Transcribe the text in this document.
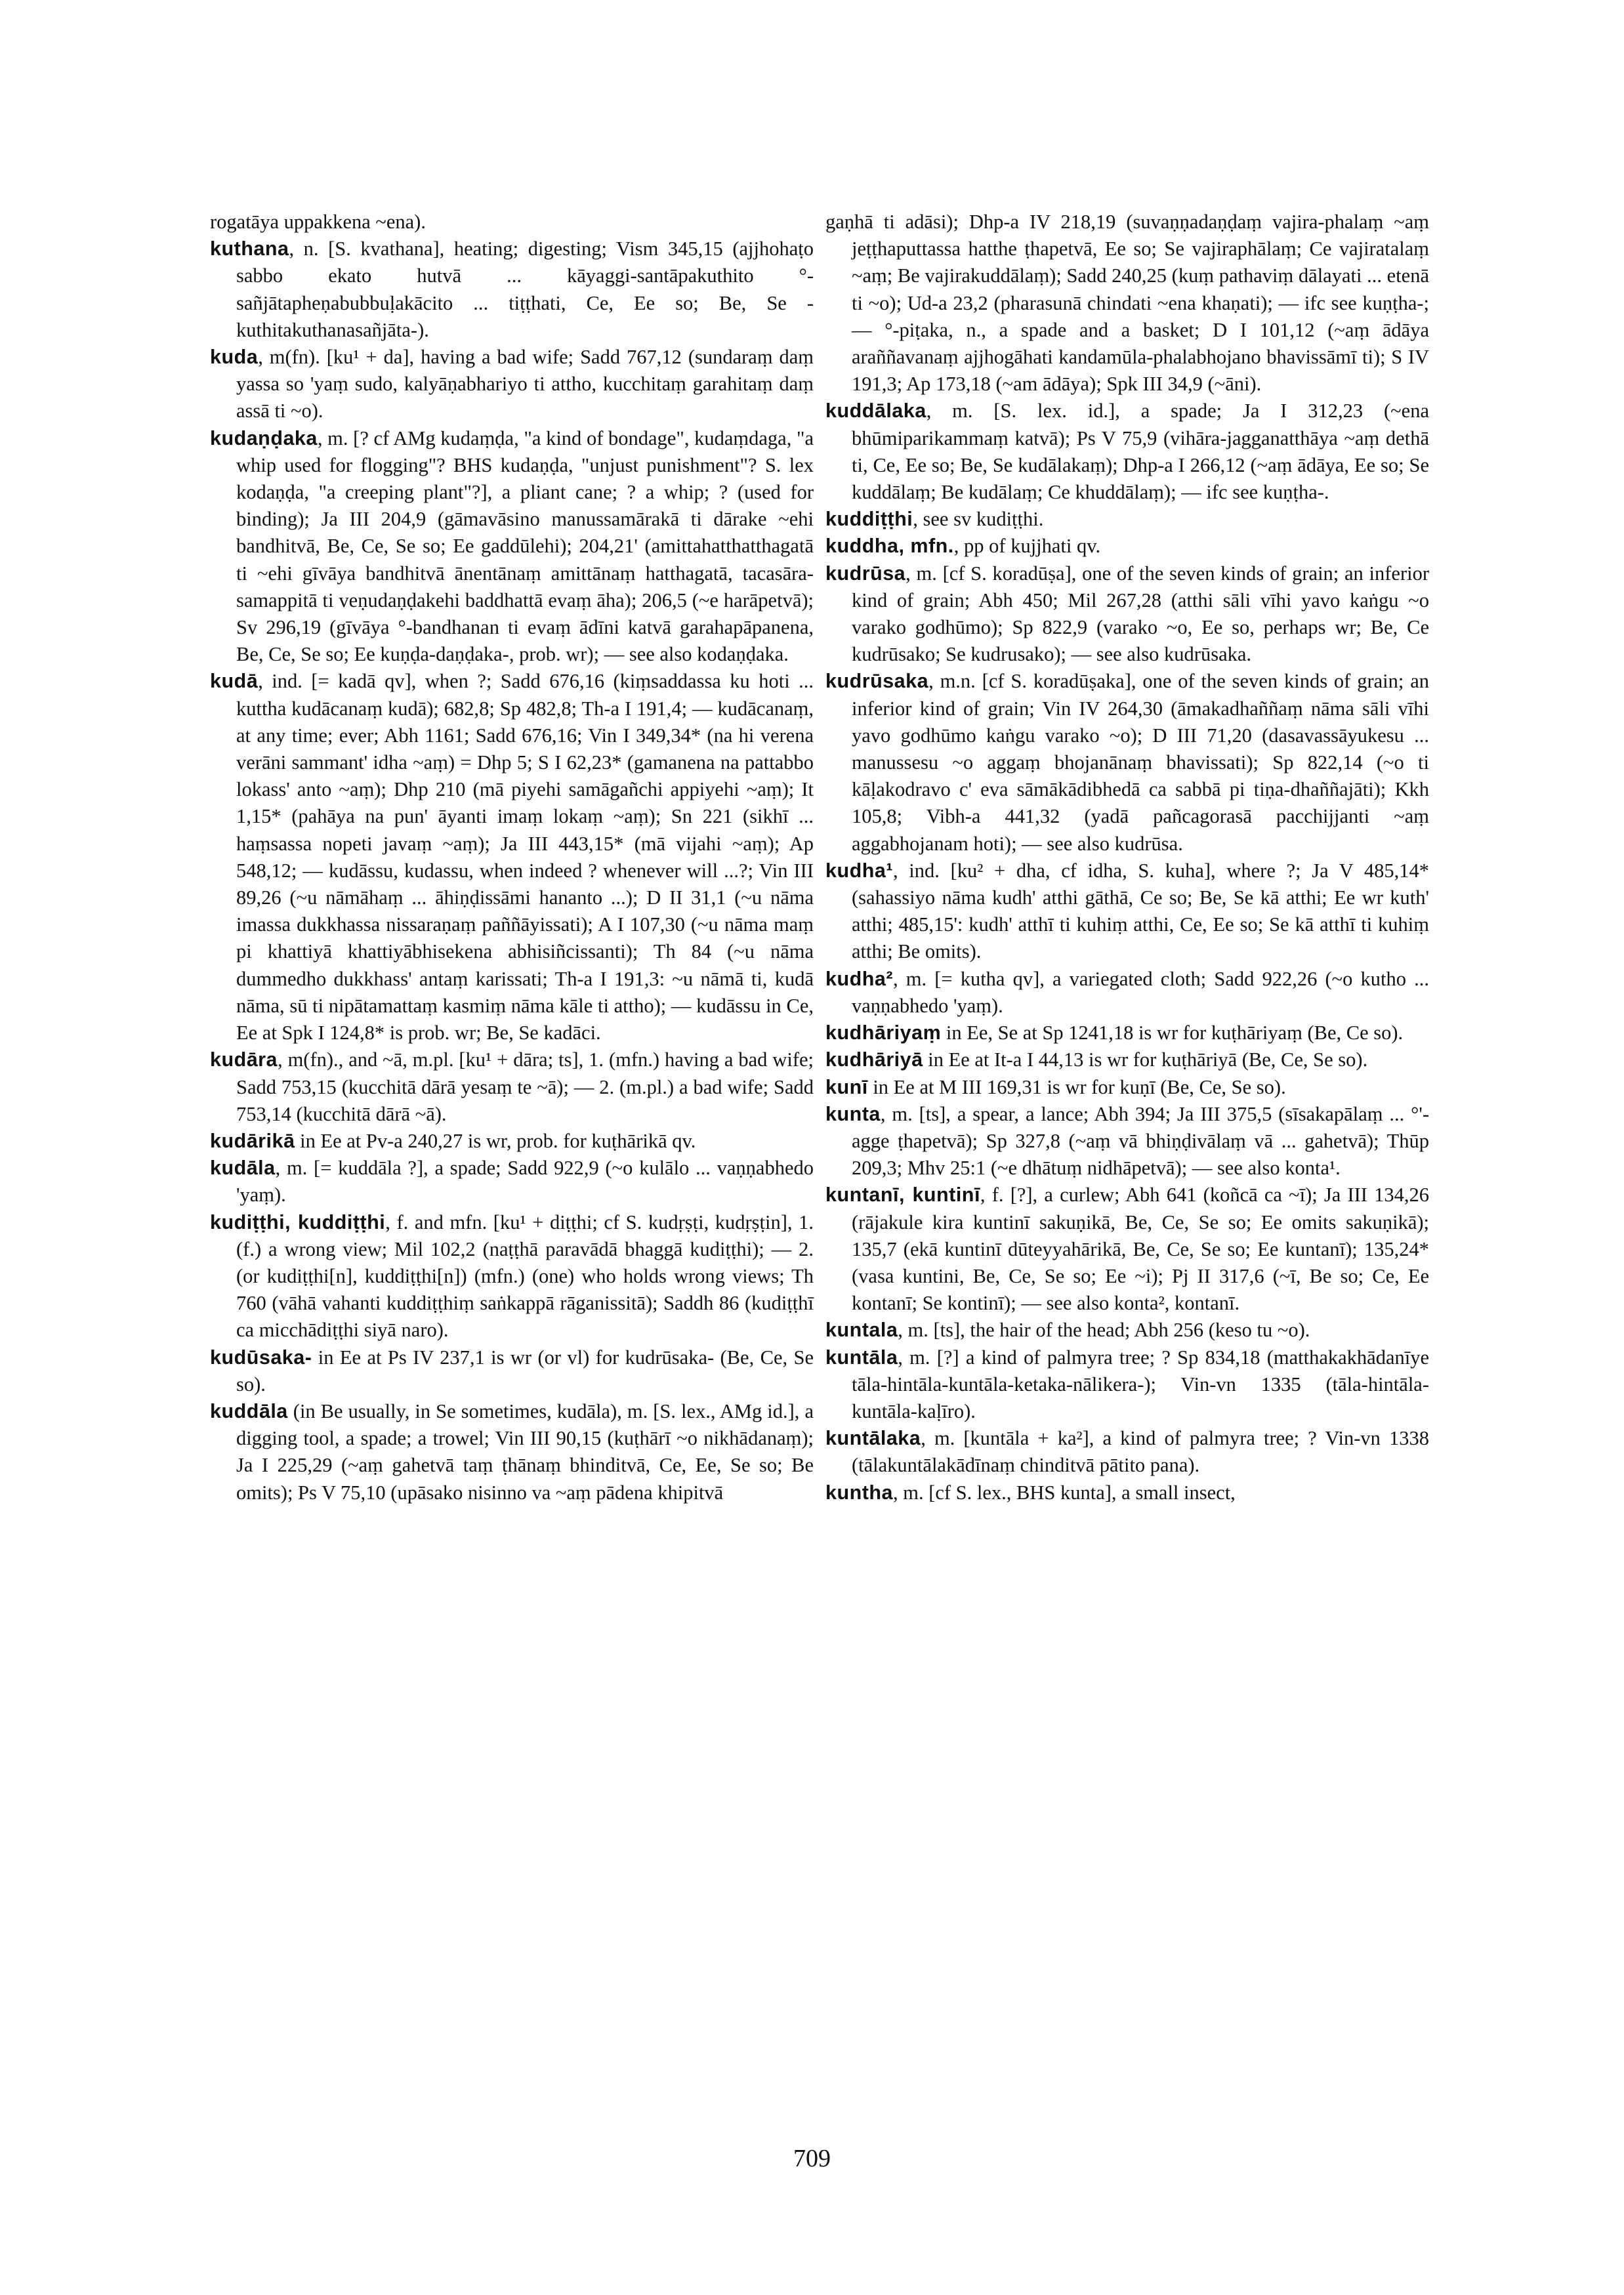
rogatāya uppakkena ~ena).

kuthana, n. [S. kvathana], heating; digesting; Vism 345,15 (ajjhohaṭo sabbo ekato hutvā ... kāyaggi-santāpakuthito °-sañjātapheṇabubbuḷakācito ... tiṭṭhati, Ce, Ee so; Be, Se -kuthitakuthanasañjāta-).

kuda, m(fn). [ku¹ + da], having a bad wife; Sadd 767,12 (sundaraṃ daṃ yassa so 'yaṃ sudo, kalyāṇabhariyo ti attho, kucchitaṃ garahitaṃ daṃ assā ti ~o).

kudaṇḍaka, m. [? cf AMg kudaṃḍa, "a kind of bondage", kudaṃdaga, "a whip used for flogging"? BHS kudaṇḍa, "unjust punishment"? S. lex kodaṇḍa, "a creeping plant"?], a pliant cane; ? a whip; ? (used for binding); Ja III 204,9 (gāmavāsino manussamārakā ti dārake ~ehi bandhitvā, Be, Ce, Se so; Ee gaddūlehi); 204,21' (amittahatthatthagatā ti ~ehi gīvāya bandhitvā ānentānaṃ amittānaṃ hatthagatā, tacasāra-samappitā ti veṇudaṇḍakehi baddhattā evaṃ āha); 206,5 (~e harāpetvā); Sv 296,19 (gīvāya °-bandhanan ti evaṃ ādīni katvā garahapāpanena, Be, Ce, Se so; Ee kuṇḍa-daṇḍaka-, prob. wr); — see also kodaṇḍaka.

kudā, ind. [= kadā qv], when ?; Sadd 676,16 (kiṃsaddassa ku hoti ... kuttha kudācanaṃ kudā); 682,8; Sp 482,8; Th-a I 191,4; — kudācanaṃ, at any time; ever; Abh 1161; Sadd 676,16; Vin I 349,34* (na hi verena verāni sammant' idha ~aṃ) = Dhp 5; S I 62,23* (gamanena na pattabbo lokass' anto ~aṃ); Dhp 210 (mā piyehi samāgañchi appiyehi ~aṃ); It 1,15* (pahāya na pun' āyanti imaṃ lokaṃ ~aṃ); Sn 221 (sikhī ... haṃsassa nopeti javaṃ ~aṃ); Ja III 443,15* (mā vijahi ~aṃ); Ap 548,12; — kudāssu, kudassu, when indeed ? whenever will ...?; Vin III 89,26 (~u nāmāhaṃ ... āhiṇḍissāmi hananto ...); D II 31,1 (~u nāma imassa dukkhassa nissaraṇaṃ paññāyissati); A I 107,30 (~u nāma maṃ pi khattiyā khattiyābhisekena abhisiñcissanti); Th 84 (~u nāma dummedho dukkhass' antaṃ karissati; Th-a I 191,3: ~u nāmā ti, kudā nāma, sū ti nipātamattaṃ kasmiṃ nāma kāle ti attho); — kudāssu in Ce, Ee at Spk I 124,8* is prob. wr; Be, Se kadāci.

kudāra, m(fn)., and ~ā, m.pl. [ku¹ + dāra; ts], 1. (mfn.) having a bad wife; Sadd 753,15 (kucchitā dārā yesaṃ te ~ā); — 2. (m.pl.) a bad wife; Sadd 753,14 (kucchitā dārā ~ā).

kudārikā in Ee at Pv-a 240,27 is wr, prob. for kuṭhārikā qv.

kudāla, m. [= kuddāla ?], a spade; Sadd 922,9 (~o kulālo ... vaṇṇabhedo 'yaṃ).

kudiṭṭhi, kuddiṭṭhi, f. and mfn. [ku¹ + diṭṭhi; cf S. kudṛṣṭi, kudṛṣṭin], 1. (f.) a wrong view; Mil 102,2 (naṭṭhā paravādā bhaggā kudiṭṭhi); — 2. (or kudiṭṭhi[n], kuddiṭṭhi[n]) (mfn.) (one) who holds wrong views; Th 760 (vāhā vahanti kuddiṭṭhiṃ saṅkappā rāganissitā); Saddh 86 (kudiṭṭhī ca micchādiṭṭhi siyā naro).

kudūsaka- in Ee at Ps IV 237,1 is wr (or vl) for kudrūsaka- (Be, Ce, Se so).

kuddāla (in Be usually, in Se sometimes, kudāla), m. [S. lex., AMg id.], a digging tool, a spade; a trowel; Vin III 90,15 (kuṭhārī ~o nikhādanaṃ); Ja I 225,29 (~aṃ gahetvā taṃ ṭhānaṃ bhinditvā, Ce, Ee, Se so; Be omits); Ps V 75,10 (upāsako nisinno va ~aṃ pādena khipitvā

gaṇhā ti adāsi); Dhp-a IV 218,19 (suvaṇṇadaṇḍaṃ vajira-phalaṃ ~aṃ jeṭṭhaputtassa hatthe ṭhapetvā, Ee so; Se vajiraphālaṃ; Ce vajiratalaṃ ~aṃ; Be vajirakuddālaṃ); Sadd 240,25 (kuṃ pathaviṃ dālayati ... etenā ti ~o); Ud-a 23,2 (pharasunā chindati ~ena khaṇati); — ifc see kuṇṭha-; — °-piṭaka, n., a spade and a basket; D I 101,12 (~aṃ ādāya araññavanaṃ ajjhogāhati kandamūla-phalabhojano bhavissāmī ti); S IV 191,3; Ap 173,18 (~am ādāya); Spk III 34,9 (~āni).

kuddālaka, m. [S. lex. id.], a spade; Ja I 312,23 (~ena bhūmiparikammaṃ katvā); Ps V 75,9 (vihāra-jagganatthāya ~aṃ dethā ti, Ce, Ee so; Be, Se kudālakaṃ); Dhp-a I 266,12 (~aṃ ādāya, Ee so; Se kuddālaṃ; Be kudālaṃ; Ce khuddālaṃ); — ifc see kuṇṭha-.

kuddiṭṭhi, see sv kudiṭṭhi.

kuddha, mfn., pp of kujjhati qv.

kudrūsa, m. [cf S. koradūṣa], one of the seven kinds of grain; an inferior kind of grain; Abh 450; Mil 267,28 (atthi sāli vīhi yavo kaṅgu ~o varako godhūmo); Sp 822,9 (varako ~o, Ee so, perhaps wr; Be, Ce kudrūsako; Se kudrusako); — see also kudrūsaka.

kudrūsaka, m.n. [cf S. koradūṣaka], one of the seven kinds of grain; an inferior kind of grain; Vin IV 264,30 (āmakadhaññaṃ nāma sāli vīhi yavo godhūmo kaṅgu varako ~o); D III 71,20 (dasavassāyukesu ... manussesu ~o aggaṃ bhojanānaṃ bhavissati); Sp 822,14 (~o ti kāḷakodravo c' eva sāmākādibhedā ca sabbā pi tiṇa-dhaññajāti); Kkh 105,8; Vibh-a 441,32 (yadā pañcagorasā pacchijjanti ~aṃ aggabhojanam hoti); — see also kudrūsa.

kudha¹, ind. [ku² + dha, cf idha, S. kuha], where ?; Ja V 485,14* (sahassiyo nāma kudh' atthi gāthā, Ce so; Be, Se kā atthi; Ee wr kuth' atthi; 485,15': kudh' atthī ti kuhiṃ atthi, Ce, Ee so; Se kā atthī ti kuhiṃ atthi; Be omits).

kudha², m. [= kutha qv], a variegated cloth; Sadd 922,26 (~o kutho ... vaṇṇabhedo 'yaṃ).

kudhāriyaṃ in Ee, Se at Sp 1241,18 is wr for kuṭhāriyaṃ (Be, Ce so).

kudhāriyā in Ee at It-a I 44,13 is wr for kuṭhāriyā (Be, Ce, Se so).

kunī in Ee at M III 169,31 is wr for kuṇī (Be, Ce, Se so).

kunta, m. [ts], a spear, a lance; Abh 394; Ja III 375,5 (sīsakapālaṃ ... °'-agge ṭhapetvā); Sp 327,8 (~aṃ vā bhiṇḍivālaṃ vā ... gahetvā); Thūp 209,3; Mhv 25:1 (~e dhātuṃ nidhāpetvā); — see also konta¹.

kuntanī, kuntinī, f. [?], a curlew; Abh 641 (koñcā ca ~ī); Ja III 134,26 (rājakule kira kuntinī sakuṇikā, Be, Ce, Se so; Ee omits sakuṇikā); 135,7 (ekā kuntinī dūteyyahārikā, Be, Ce, Se so; Ee kuntanī); 135,24* (vasa kuntini, Be, Ce, Se so; Ee ~i); Pj II 317,6 (~ī, Be so; Ce, Ee kontanī; Se kontinī); — see also konta², kontanī.

kuntala, m. [ts], the hair of the head; Abh 256 (keso tu ~o).

kuntāla, m. [?] a kind of palmyra tree; ? Sp 834,18 (matthakakhādanīye tāla-hintāla-kuntāla-ketaka-nālikera-); Vin-vn 1335 (tāla-hintāla-kuntāla-kaḷīro).

kuntālaka, m. [kuntāla + ka²], a kind of palmyra tree; ? Vin-vn 1338 (tālakuntālakādīnaṃ chinditvā pātito pana).

kuntha, m. [cf S. lex., BHS kunta], a small insect,

709
